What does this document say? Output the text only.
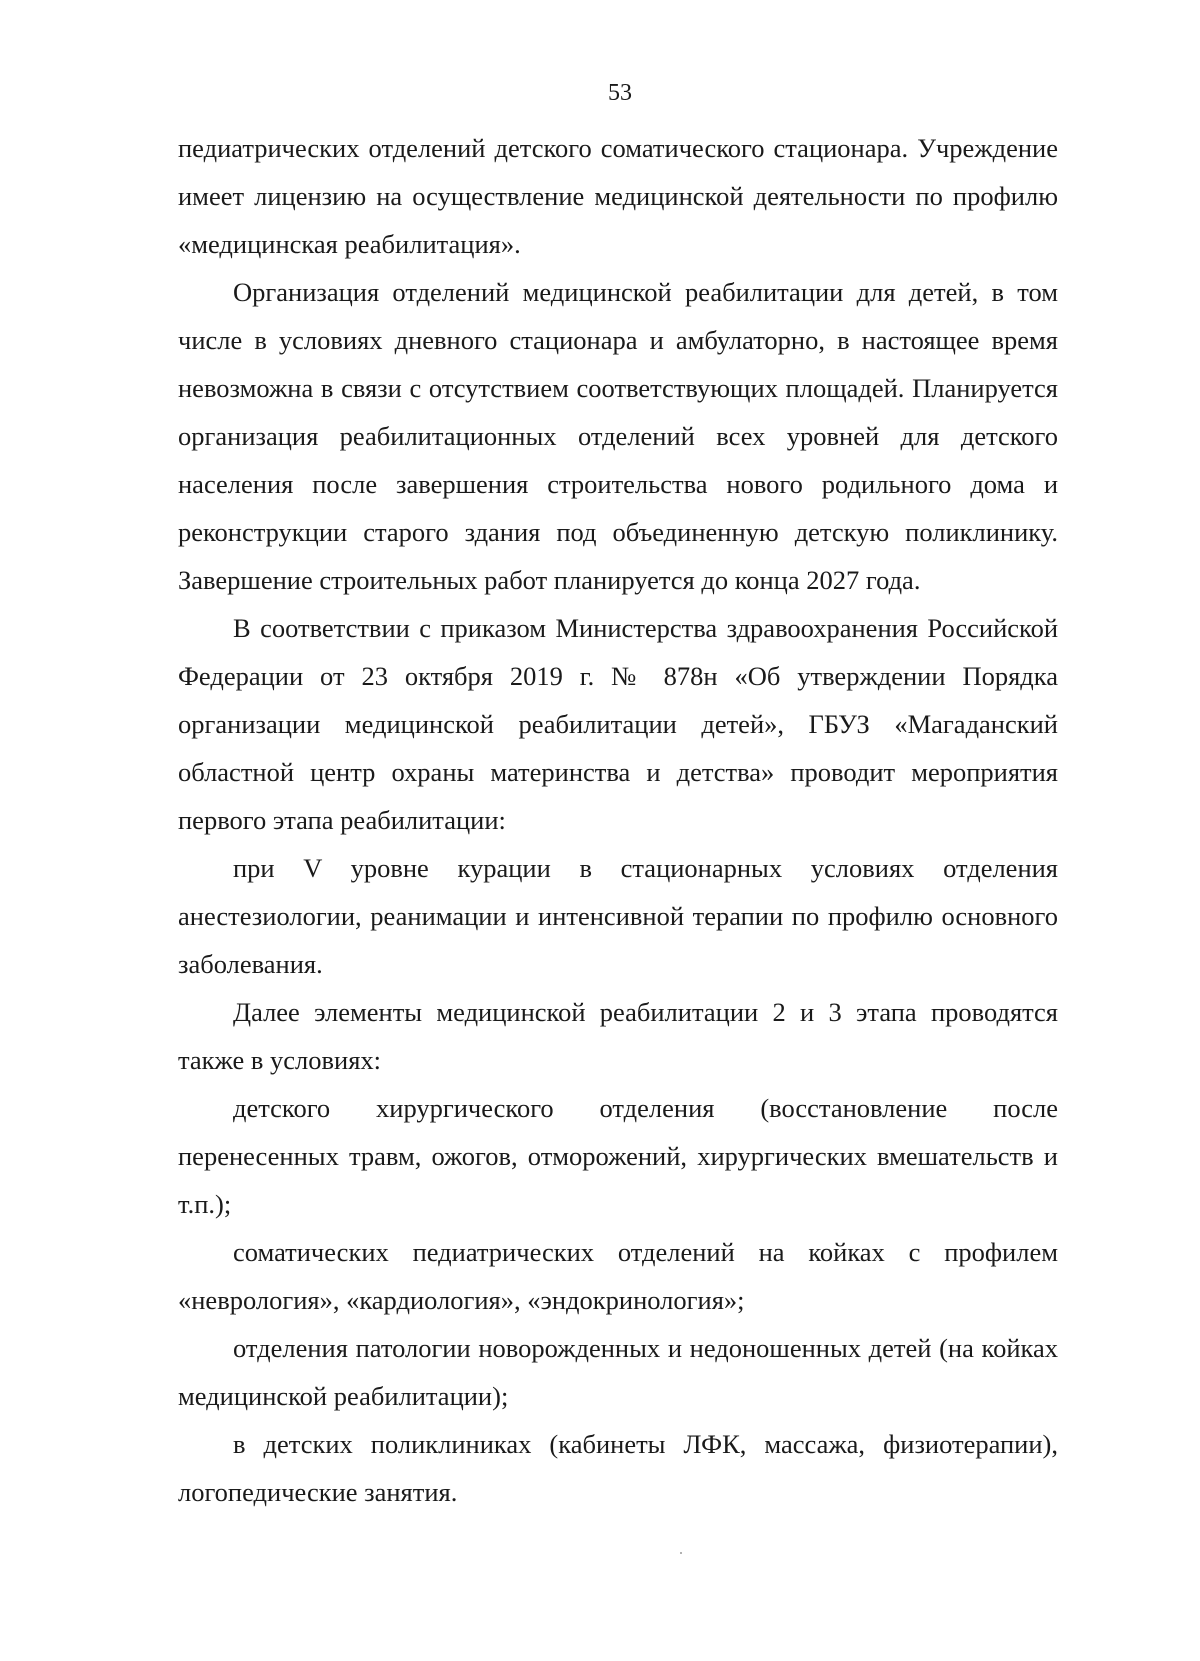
53

педиатрических отделений детского соматического стационара. Учреждение имеет лицензию на осуществление медицинской деятельности по профилю «медицинская реабилитация».

Организация отделений медицинской реабилитации для детей, в том числе в условиях дневного стационара и амбулаторно, в настоящее время невозможна в связи с отсутствием соответствующих площадей. Планируется организация реабилитационных отделений всех уровней для детского населения после завершения строительства нового родильного дома и реконструкции старого здания под объединенную детскую поликлинику. Завершение строительных работ планируется до конца 2027 года.

В соответствии с приказом Министерства здравоохранения Российской Федерации от 23 октября 2019 г. № 878н «Об утверждении Порядка организации медицинской реабилитации детей», ГБУЗ «Магаданский областной центр охраны материнства и детства» проводит мероприятия первого этапа реабилитации:

при V уровне курации в стационарных условиях отделения анестезиологии, реанимации и интенсивной терапии по профилю основного заболевания.

Далее элементы медицинской реабилитации 2 и 3 этапа проводятся также в условиях:

детского хирургического отделения (восстановление после перенесенных травм, ожогов, отморожений, хирургических вмешательств и т.п.);

соматических педиатрических отделений на койках с профилем «неврология», «кардиология», «эндокринология»;

отделения патологии новорожденных и недоношенных детей (на койках медицинской реабилитации);

в детских поликлиниках (кабинеты ЛФК, массажа, физиотерапии), логопедические занятия.
